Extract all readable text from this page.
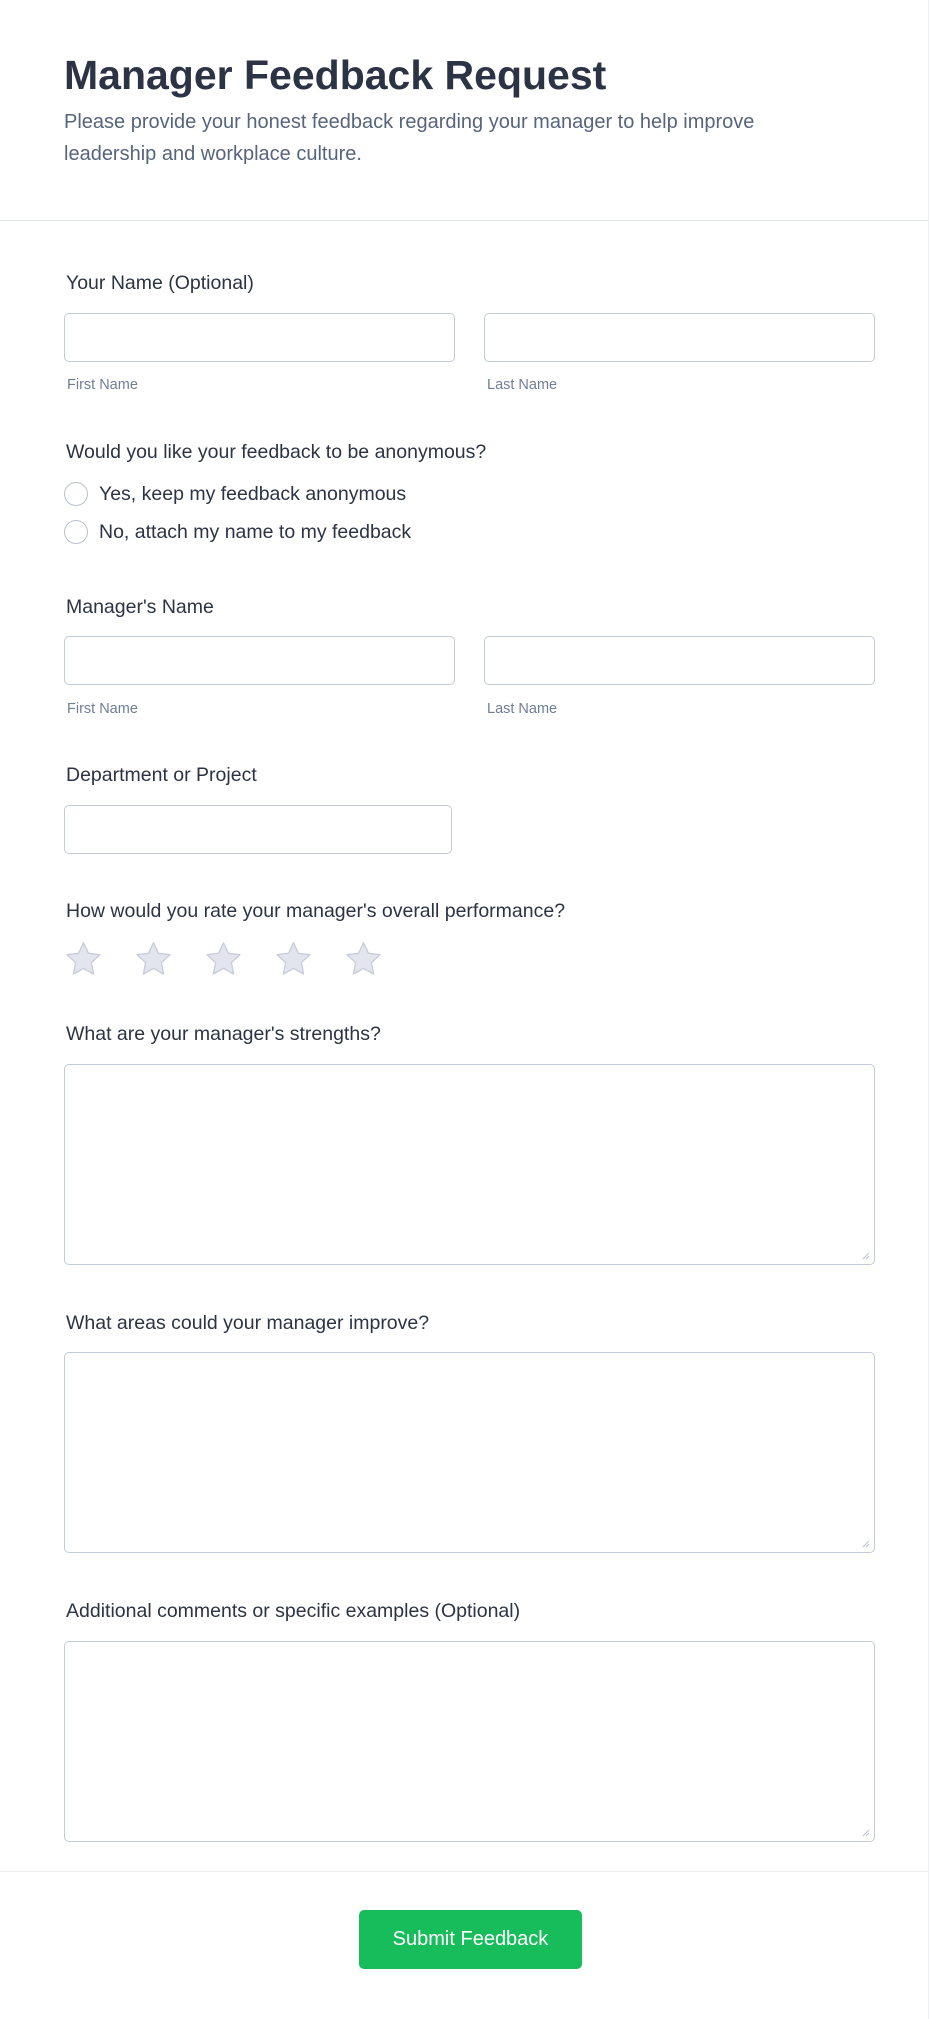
Manager Feedback Request
Please provide your honest feedback regarding your manager to help improve leadership and workplace culture.
Your Name (Optional)
First Name	Last Name
Would you like your feedback to be anonymous?
Yes, keep my feedback anonymous
No, attach my name to my feedback
Manager's Name
First Name	Last Name
Department or Project
How would you rate your manager's overall performance?
What are your manager's strengths?
What areas could your manager improve?
Additional comments or specific examples (Optional)
Submit Feedback
